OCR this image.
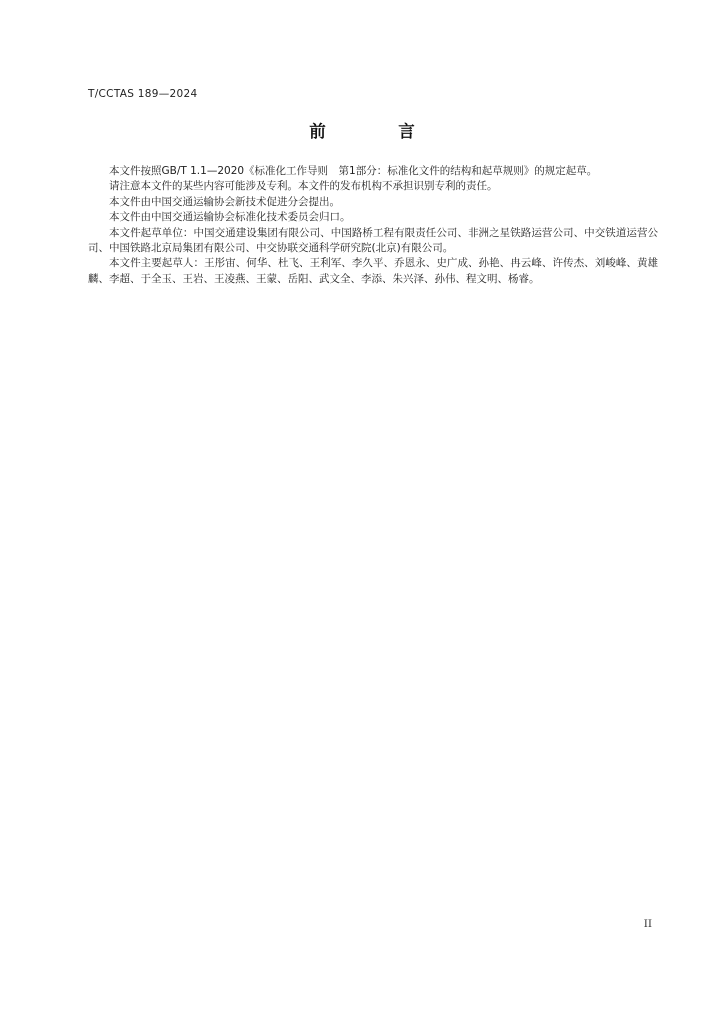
T/CCTAS 189—2024
前　言

本文件按照GB/T 1.1—2020《标准化工作导则　第1部分：标准化文件的结构和起草规则》的规定起草。

请注意本文件的某些内容可能涉及专利。本文件的发布机构不承担识别专利的责任。

本文件由中国交通运输协会新技术促进分会提出。

本文件由中国交通运输协会标准化技术委员会归口。

本文件起草单位：中国交通建设集团有限公司、中国路桥工程有限责任公司、非洲之星铁路运营公司、中交铁道运营公司、中国铁路北京局集团有限公司、中交协联交通科学研究院(北京)有限公司。

本文件主要起草人：王彤宙、何华、杜飞、王利军、李久平、乔恩永、史广成、孙艳、冉云峰、许传杰、刘峻峰、黄雄麟、李超、于全玉、王岩、王凌燕、王蒙、岳阳、武文全、李添、朱兴泽、孙伟、程文明、杨睿。

II
